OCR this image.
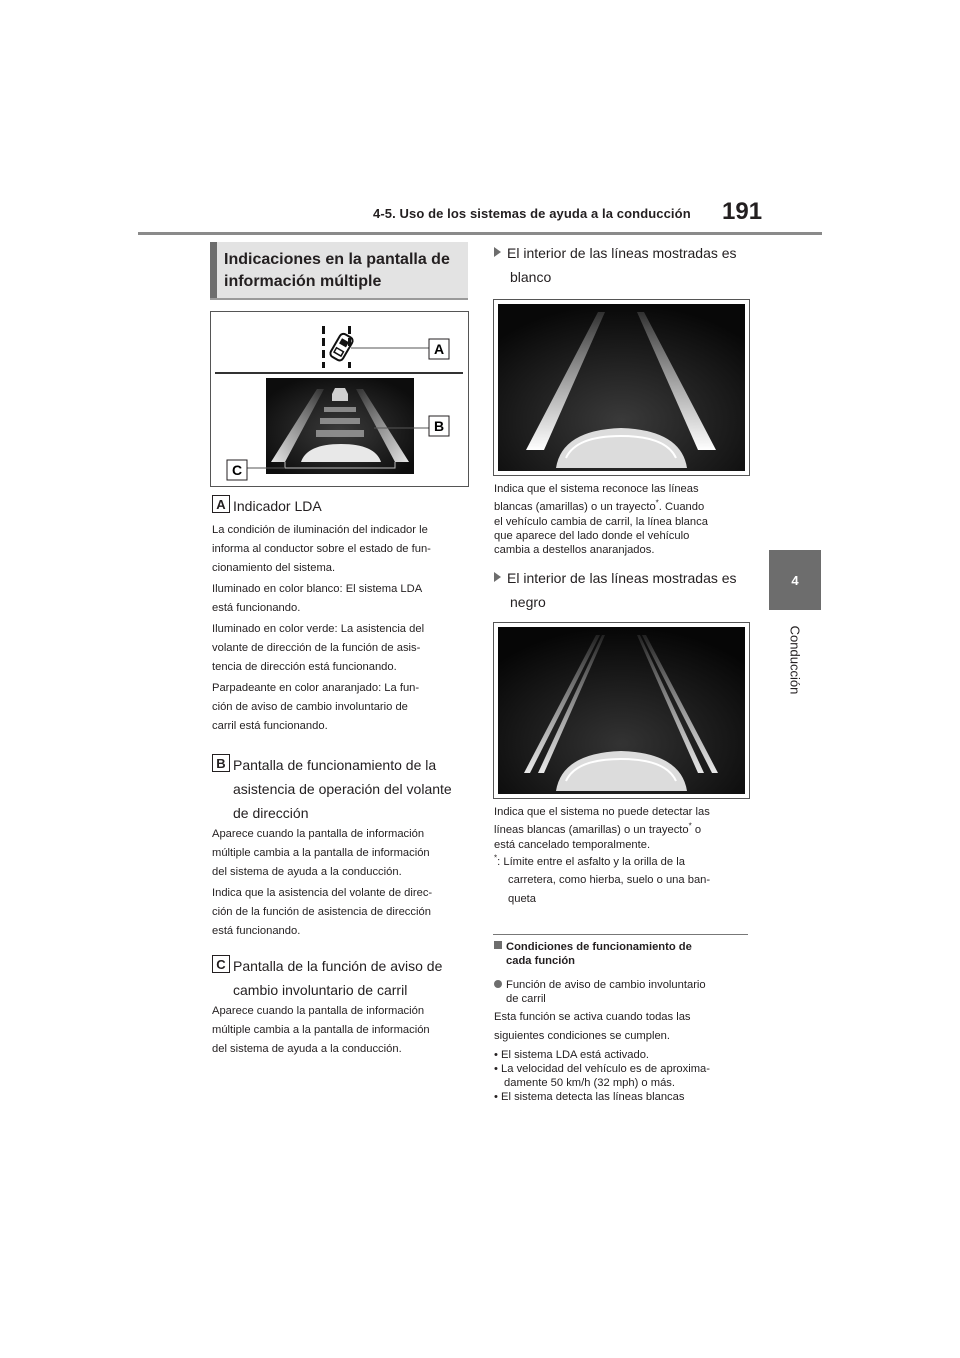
4-5. Uso de los sistemas de ayuda a la conducción 191
4
Conducción
Indicaciones en la pantalla de
información múltiple
A
B
C
A Indicador LDA
La condición de iluminación del indicador le
informa al conductor sobre el estado de fun-
cionamiento del sistema.
Iluminado en color blanco: El sistema LDA
está funcionando.
Iluminado en color verde: La asistencia del
volante de dirección de la función de asis-
tencia de dirección está funcionando.
Parpadeante en color anaranjado: La fun-
ción de aviso de cambio involuntario de
carril está funcionando.
B Pantalla de funcionamiento de la
asistencia de operación del volante
de dirección
Aparece cuando la pantalla de información
múltiple cambia a la pantalla de información
del sistema de ayuda a la conducción.
Indica que la asistencia del volante de direc-
ción de la función de asistencia de dirección
está funcionando.
C Pantalla de la función de aviso de
cambio involuntario de carril
Aparece cuando la pantalla de información
múltiple cambia a la pantalla de información
del sistema de ayuda a la conducción.
El interior de las líneas mostradas es
blanco
Indica que el sistema reconoce las líneas
blancas (amarillas) o un trayecto*. Cuando
el vehículo cambia de carril, la línea blanca
que aparece del lado donde el vehículo
cambia a destellos anaranjados.
El interior de las líneas mostradas es
negro
Indica que el sistema no puede detectar las
líneas blancas (amarillas) o un trayecto* o
está cancelado temporalmente.
*: Límite entre el asfalto y la orilla de la
carretera, como hierba, suelo o una ban-
queta
Condiciones de funcionamiento de
cada función
Función de aviso de cambio involuntario
de carril
Esta función se activa cuando todas las
siguientes condiciones se cumplen.
• El sistema LDA está activado.
• La velocidad del vehículo es de aproxima-
damente 50 km/h (32 mph) o más.
• El sistema detecta las líneas blancas
